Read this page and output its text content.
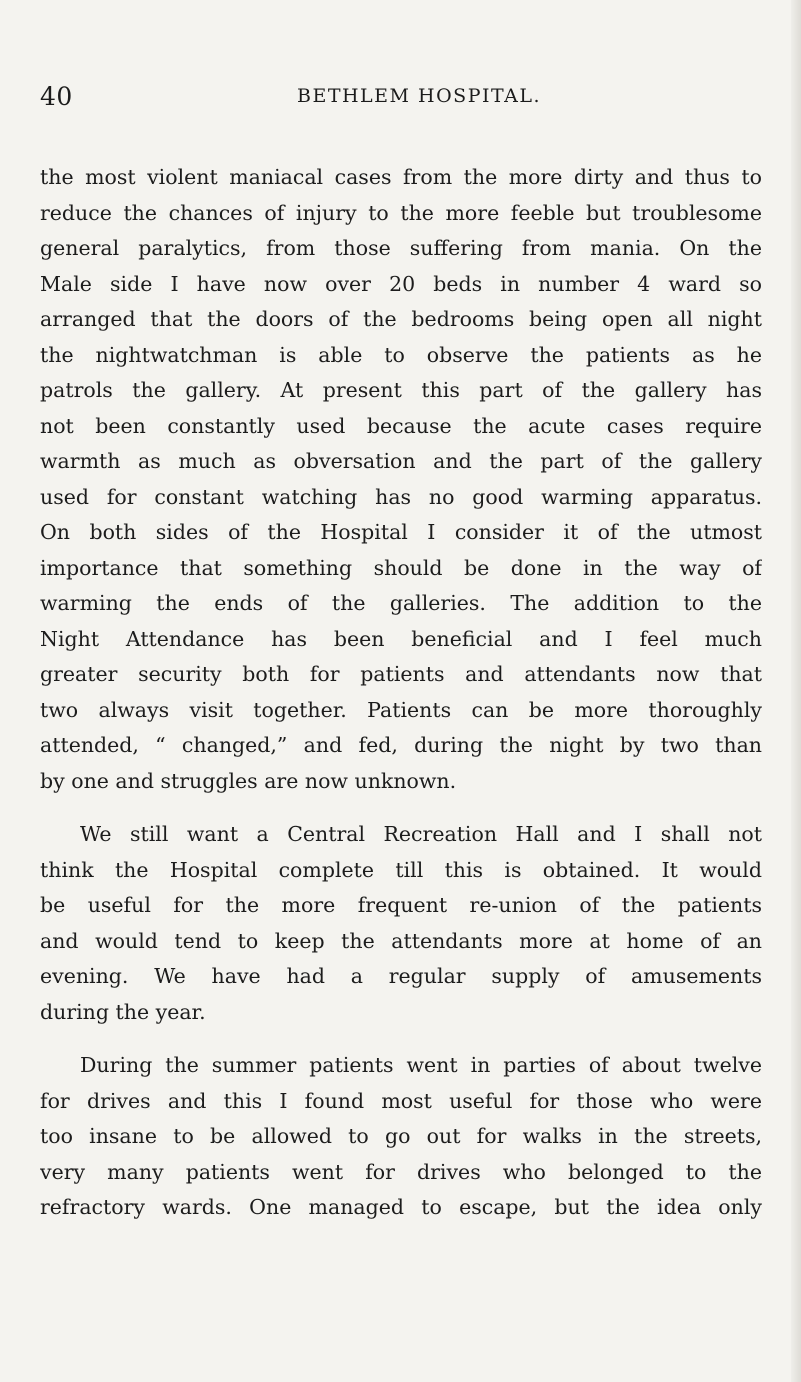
40	BETHLEM HOSPITAL.
the most violent maniacal cases from the more dirty and thus to
reduce the chances of injury to the more feeble but troublesome
general paralytics, from those suffering from mania. On the
Male side I have now over 20 beds in number 4 ward so
arranged that the doors of the bedrooms being open all night
the nightwatchman is able to observe the patients as he
patrols the gallery. At present this part of the gallery has
not been constantly used because the acute cases require
warmth as much as obversation and the part of the gallery
used for constant watching has no good warming apparatus.
On both sides of the Hospital I consider it of the utmost
importance that something should be done in the way of
warming the ends of the galleries. The addition to the
Night Attendance has been beneficial and I feel much
greater security both for patients and attendants now that
two always visit together. Patients can be more thoroughly
attended, “ changed,” and fed, during the night by two than
by one and struggles are now unknown.
We still want a Central Recreation Hall and I shall not
think the Hospital complete till this is obtained. It would
be useful for the more frequent re-union of the patients
and would tend to keep the attendants more at home of an
evening. We have had a regular supply of amusements
during the year.
During the summer patients went in parties of about twelve
for drives and this I found most useful for those who were
too insane to be allowed to go out for walks in the streets,
very many patients went for drives who belonged to the
refractory wards. One managed to escape, but the idea only
